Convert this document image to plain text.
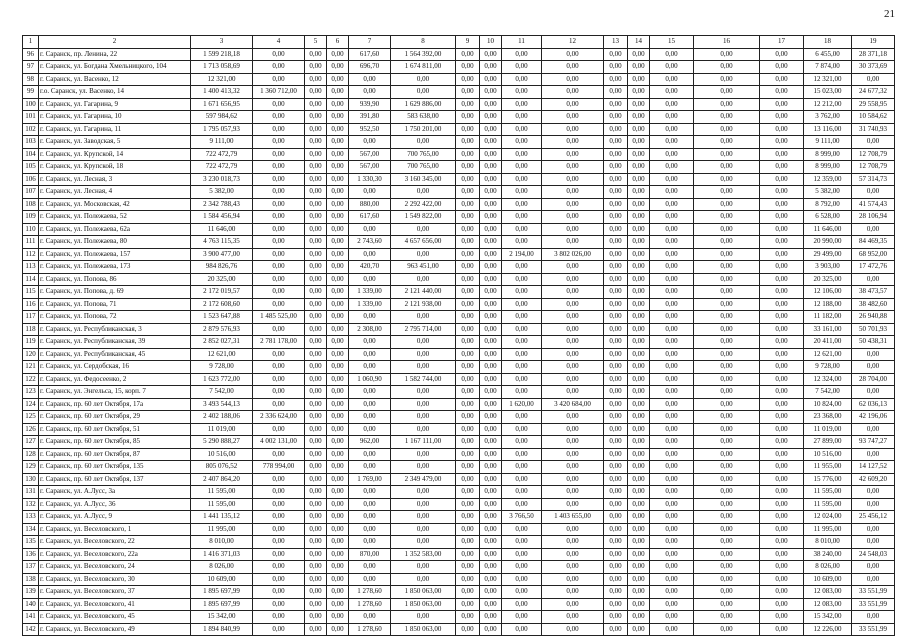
21
1	2	3	4	5	6	7	8	9	10	11	12	13	14	15	16	17	18	19
96	г. Саранск, пр. Ленина, 22	1 599 218,18	0,00	0,00	0,00	617,60	1 564 392,00	0,00	0,00	0,00	0,00	0,00	0,00	0,00	0,00	0,00	6 455,00	28 371,18
97	г. Саранск, ул. Богдана Хмельницкого, 104	1 713 058,69	0,00	0,00	0,00	696,70	1 674 811,00	0,00	0,00	0,00	0,00	0,00	0,00	0,00	0,00	0,00	7 874,00	30 373,69
98	г. Саранск, ул. Васенко, 12	12 321,00	0,00	0,00	0,00	0,00	0,00	0,00	0,00	0,00	0,00	0,00	0,00	0,00	0,00	0,00	12 321,00	0,00
99	г.о. Саранск, ул. Васенко, 14	1 400 413,32	1 360 712,00	0,00	0,00	0,00	0,00	0,00	0,00	0,00	0,00	0,00	0,00	0,00	0,00	0,00	15 023,00	24 677,32
100	г. Саранск, ул. Гагарина, 9	1 671 656,95	0,00	0,00	0,00	939,90	1 629 886,00	0,00	0,00	0,00	0,00	0,00	0,00	0,00	0,00	0,00	12 212,00	29 558,95
101	г. Саранск, ул. Гагарина, 10	597 984,62	0,00	0,00	0,00	391,80	583 638,00	0,00	0,00	0,00	0,00	0,00	0,00	0,00	0,00	0,00	3 762,00	10 584,62
102	г. Саранск, ул. Гагарина, 11	1 795 057,93	0,00	0,00	0,00	952,50	1 750 201,00	0,00	0,00	0,00	0,00	0,00	0,00	0,00	0,00	0,00	13 116,00	31 740,93
103	г. Саранск, ул. Заводская, 5	9 111,00	0,00	0,00	0,00	0,00	0,00	0,00	0,00	0,00	0,00	0,00	0,00	0,00	0,00	0,00	9 111,00	0,00
104	г. Саранск, ул. Крупской, 14	722 472,79	0,00	0,00	0,00	567,00	700 765,00	0,00	0,00	0,00	0,00	0,00	0,00	0,00	0,00	0,00	8 999,00	12 708,79
105	г. Саранск, ул. Крупской, 18	722 472,79	0,00	0,00	0,00	567,00	700 765,00	0,00	0,00	0,00	0,00	0,00	0,00	0,00	0,00	0,00	8 999,00	12 708,79
106	г. Саранск, ул. Лесная, 3	3 230 018,73	0,00	0,00	0,00	1 330,30	3 160 345,00	0,00	0,00	0,00	0,00	0,00	0,00	0,00	0,00	0,00	12 359,00	57 314,73
107	г. Саранск, ул. Лесная, 4	5 382,00	0,00	0,00	0,00	0,00	0,00	0,00	0,00	0,00	0,00	0,00	0,00	0,00	0,00	0,00	5 382,00	0,00
108	г. Саранск, ул. Московская, 42	2 342 788,43	0,00	0,00	0,00	880,00	2 292 422,00	0,00	0,00	0,00	0,00	0,00	0,00	0,00	0,00	0,00	8 792,00	41 574,43
109	г. Саранск, ул. Полежаева, 52	1 584 456,94	0,00	0,00	0,00	617,60	1 549 822,00	0,00	0,00	0,00	0,00	0,00	0,00	0,00	0,00	0,00	6 528,00	28 106,94
110	г. Саранск, ул. Полежаева, 62а	11 646,00	0,00	0,00	0,00	0,00	0,00	0,00	0,00	0,00	0,00	0,00	0,00	0,00	0,00	0,00	11 646,00	0,00
111	г. Саранск, ул. Полежаева, 80	4 763 115,35	0,00	0,00	0,00	2 743,60	4 657 656,00	0,00	0,00	0,00	0,00	0,00	0,00	0,00	0,00	0,00	20 990,00	84 469,35
112	г. Саранск, ул. Полежаева, 157	3 900 477,00	0,00	0,00	0,00	0,00	0,00	0,00	0,00	2 194,00	3 802 026,00	0,00	0,00	0,00	0,00	0,00	29 499,00	68 952,00
113	г. Саранск, ул. Полежаева, 173	984 826,76	0,00	0,00	0,00	420,70	963 451,00	0,00	0,00	0,00	0,00	0,00	0,00	0,00	0,00	0,00	3 903,00	17 472,76
114	г. Саранск, ул. Попова, 86	20 325,00	0,00	0,00	0,00	0,00	0,00	0,00	0,00	0,00	0,00	0,00	0,00	0,00	0,00	0,00	20 325,00	0,00
115	г. Саранск, ул. Попова, д. 69	2 172 019,57	0,00	0,00	0,00	1 339,00	2 121 440,00	0,00	0,00	0,00	0,00	0,00	0,00	0,00	0,00	0,00	12 106,00	38 473,57
116	г. Саранск, ул. Попова, 71	2 172 608,60	0,00	0,00	0,00	1 339,00	2 121 938,00	0,00	0,00	0,00	0,00	0,00	0,00	0,00	0,00	0,00	12 188,00	38 482,60
117	г. Саранск, ул. Попова, 72	1 523 647,88	1 485 525,00	0,00	0,00	0,00	0,00	0,00	0,00	0,00	0,00	0,00	0,00	0,00	0,00	0,00	11 182,00	26 940,88
118	г. Саранск, ул. Республиканская, 3	2 879 576,93	0,00	0,00	0,00	2 308,00	2 795 714,00	0,00	0,00	0,00	0,00	0,00	0,00	0,00	0,00	0,00	33 161,00	50 701,93
119	г. Саранск, ул. Республиканская, 39	2 852 027,31	2 781 178,00	0,00	0,00	0,00	0,00	0,00	0,00	0,00	0,00	0,00	0,00	0,00	0,00	0,00	20 411,00	50 438,31
120	г. Саранск, ул. Республиканская, 45	12 621,00	0,00	0,00	0,00	0,00	0,00	0,00	0,00	0,00	0,00	0,00	0,00	0,00	0,00	0,00	12 621,00	0,00
121	г. Саранск, ул. Сердобская, 16	9 728,00	0,00	0,00	0,00	0,00	0,00	0,00	0,00	0,00	0,00	0,00	0,00	0,00	0,00	0,00	9 728,00	0,00
122	г. Саранск, ул. Федосеенко, 2	1 623 772,00	0,00	0,00	0,00	1 060,90	1 582 744,00	0,00	0,00	0,00	0,00	0,00	0,00	0,00	0,00	0,00	12 324,00	28 704,00
123	г. Саранск, ул. Энгельса, 15, корп. 7	7 542,00	0,00	0,00	0,00	0,00	0,00	0,00	0,00	0,00	0,00	0,00	0,00	0,00	0,00	0,00	7 542,00	0,00
124	г. Саранск, пр. 60 лет Октября, 17а	3 493 544,13	0,00	0,00	0,00	0,00	0,00	0,00	0,00	1 620,00	3 420 684,00	0,00	0,00	0,00	0,00	0,00	10 824,00	62 036,13
125	г. Саранск, пр. 60 лет Октября, 29	2 402 188,06	2 336 624,00	0,00	0,00	0,00	0,00	0,00	0,00	0,00	0,00	0,00	0,00	0,00	0,00	0,00	23 368,00	42 196,06
126	г. Саранск, пр. 60 лет Октября, 51	11 019,00	0,00	0,00	0,00	0,00	0,00	0,00	0,00	0,00	0,00	0,00	0,00	0,00	0,00	0,00	11 019,00	0,00
127	г. Саранск, пр. 60 лет Октября, 85	5 290 888,27	4 002 131,00	0,00	0,00	962,00	1 167 111,00	0,00	0,00	0,00	0,00	0,00	0,00	0,00	0,00	0,00	27 899,00	93 747,27
128	г. Саранск, пр. 60 лет Октября, 87	10 516,00	0,00	0,00	0,00	0,00	0,00	0,00	0,00	0,00	0,00	0,00	0,00	0,00	0,00	0,00	10 516,00	0,00
129	г. Саранск, пр. 60 лет Октября, 135	805 076,52	778 994,00	0,00	0,00	0,00	0,00	0,00	0,00	0,00	0,00	0,00	0,00	0,00	0,00	0,00	11 955,00	14 127,52
130	г. Саранск, пр. 60 лет Октября, 137	2 407 864,20	0,00	0,00	0,00	1 769,00	2 349 479,00	0,00	0,00	0,00	0,00	0,00	0,00	0,00	0,00	0,00	15 776,00	42 609,20
131	г. Саранск, ул. А.Лусс, 3а	11 595,00	0,00	0,00	0,00	0,00	0,00	0,00	0,00	0,00	0,00	0,00	0,00	0,00	0,00	0,00	11 595,00	0,00
132	г. Саранск, ул. А.Лусс, 36	11 595,00	0,00	0,00	0,00	0,00	0,00	0,00	0,00	0,00	0,00	0,00	0,00	0,00	0,00	0,00	11 595,00	0,00
133	г. Саранск, ул. А.Лусс, 9	1 441 135,12	0,00	0,00	0,00	0,00	0,00	0,00	0,00	3 766,50	1 403 655,00	0,00	0,00	0,00	0,00	0,00	12 024,00	25 456,12
134	г. Саранск, ул. Веселовского, 1	11 995,00	0,00	0,00	0,00	0,00	0,00	0,00	0,00	0,00	0,00	0,00	0,00	0,00	0,00	0,00	11 995,00	0,00
135	г. Саранск, ул. Веселовского, 22	8 010,00	0,00	0,00	0,00	0,00	0,00	0,00	0,00	0,00	0,00	0,00	0,00	0,00	0,00	0,00	8 010,00	0,00
136	г. Саранск, ул. Веселовского, 22а	1 416 371,03	0,00	0,00	0,00	870,00	1 352 583,00	0,00	0,00	0,00	0,00	0,00	0,00	0,00	0,00	0,00	38 240,00	24 548,03
137	г. Саранск, ул. Веселовского, 24	8 026,00	0,00	0,00	0,00	0,00	0,00	0,00	0,00	0,00	0,00	0,00	0,00	0,00	0,00	0,00	8 026,00	0,00
138	г. Саранск, ул. Веселовского, 30	10 609,00	0,00	0,00	0,00	0,00	0,00	0,00	0,00	0,00	0,00	0,00	0,00	0,00	0,00	0,00	10 609,00	0,00
139	г. Саранск, ул. Веселовского, 37	1 895 697,99	0,00	0,00	0,00	1 278,60	1 850 063,00	0,00	0,00	0,00	0,00	0,00	0,00	0,00	0,00	0,00	12 083,00	33 551,99
140	г. Саранск, ул. Веселовского, 41	1 895 697,99	0,00	0,00	0,00	1 278,60	1 850 063,00	0,00	0,00	0,00	0,00	0,00	0,00	0,00	0,00	0,00	12 083,00	33 551,99
141	г. Саранск, ул. Веселовского, 45	15 342,00	0,00	0,00	0,00	0,00	0,00	0,00	0,00	0,00	0,00	0,00	0,00	0,00	0,00	0,00	15 342,00	0,00
142	г. Саранск, ул. Веселовского, 49	1 894 840,99	0,00	0,00	0,00	1 278,60	1 850 063,00	0,00	0,00	0,00	0,00	0,00	0,00	0,00	0,00	0,00	12 226,00	33 551,99
